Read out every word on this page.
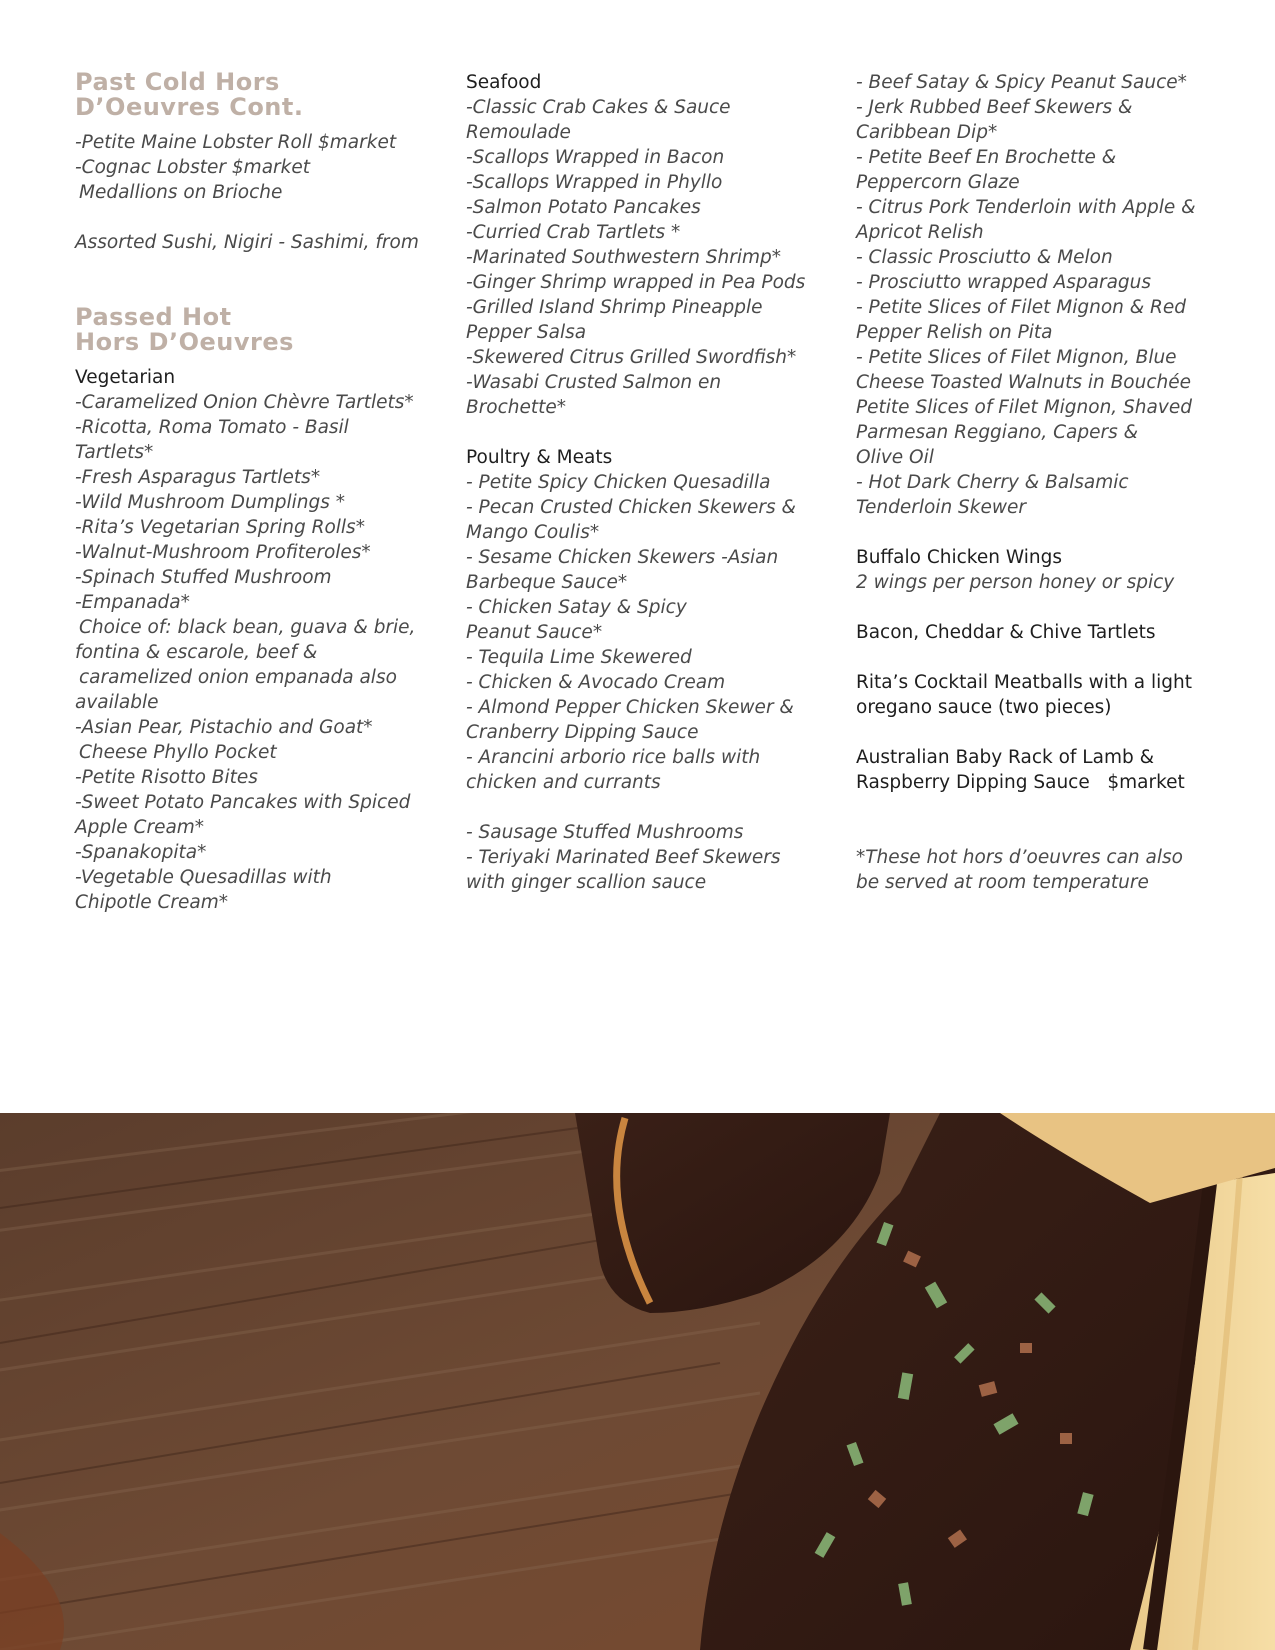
Past Cold Hors
D’Oeuvres Cont.
-Petite Maine Lobster Roll $market
-Cognac Lobster $market
Medallions on Brioche
Assorted Sushi, Nigiri - Sashimi, from
Passed Hot
Hors D’Oeuvres
Vegetarian
-Caramelized Onion Chèvre Tartlets*
-Ricotta, Roma Tomato - Basil
Tartlets*
-Fresh Asparagus Tartlets*
-Wild Mushroom Dumplings *
-Rita’s Vegetarian Spring Rolls*
-Walnut-Mushroom Profiteroles*
-Spinach Stuffed Mushroom
-Empanada*
Choice of: black bean, guava & brie,
fontina & escarole, beef &
caramelized onion empanada also
available
-Asian Pear, Pistachio and Goat*
Cheese Phyllo Pocket
-Petite Risotto Bites
-Sweet Potato Pancakes with Spiced
Apple Cream*
-Spanakopita*
-Vegetable Quesadillas with
Chipotle Cream*
Seafood
-Classic Crab Cakes & Sauce
Remoulade
-Scallops Wrapped in Bacon
-Scallops Wrapped in Phyllo
-Salmon Potato Pancakes
-Curried Crab Tartlets *
-Marinated Southwestern Shrimp*
-Ginger Shrimp wrapped in Pea Pods
-Grilled Island Shrimp Pineapple
Pepper Salsa
-Skewered Citrus Grilled Swordfish*
-Wasabi Crusted Salmon en
Brochette*
Poultry & Meats
- Petite Spicy Chicken Quesadilla
- Pecan Crusted Chicken Skewers &
Mango Coulis*
- Sesame Chicken Skewers -Asian
Barbeque Sauce*
- Chicken Satay & Spicy
Peanut Sauce*
- Tequila Lime Skewered
- Chicken & Avocado Cream
- Almond Pepper Chicken Skewer &
Cranberry Dipping Sauce
- Arancini arborio rice balls with
chicken and currants
- Sausage Stuffed Mushrooms
- Teriyaki Marinated Beef Skewers
with ginger scallion sauce
- Beef Satay & Spicy Peanut Sauce*
- Jerk Rubbed Beef Skewers &
Caribbean Dip*
- Petite Beef En Brochette &
Peppercorn Glaze
- Citrus Pork Tenderloin with Apple &
Apricot Relish
- Classic Prosciutto & Melon
- Prosciutto wrapped Asparagus
- Petite Slices of Filet Mignon & Red
Pepper Relish on Pita
- Petite Slices of Filet Mignon, Blue
Cheese Toasted Walnuts in Bouchée
Petite Slices of Filet Mignon, Shaved
Parmesan Reggiano, Capers &
Olive Oil
- Hot Dark Cherry & Balsamic
Tenderloin Skewer
Buffalo Chicken Wings
2 wings per person honey or spicy
Bacon, Cheddar & Chive Tartlets
Rita’s Cocktail Meatballs with a light
oregano sauce (two pieces)
Australian Baby Rack of Lamb &
Raspberry Dipping Sauce   $market
*These hot hors d’oeuvres can also
be served at room temperature
